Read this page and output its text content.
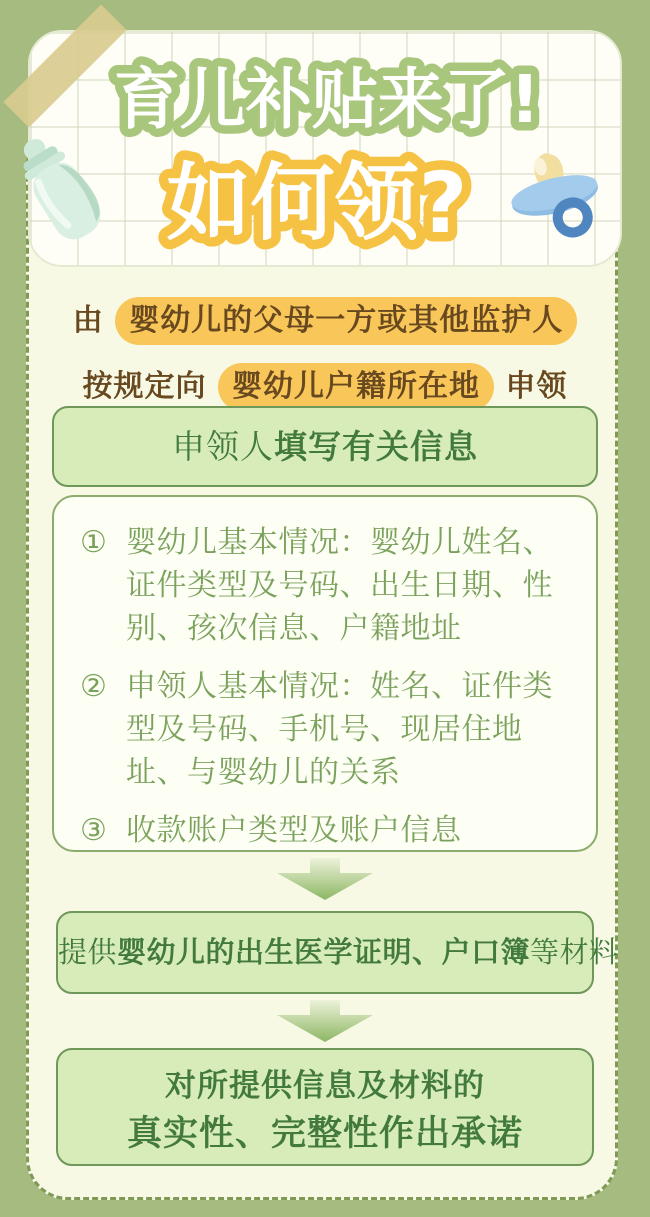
育儿补贴来了!
如何领?
由 婴幼儿的父母一方或其他监护人
按规定向 婴幼儿户籍所在地 申领
申领人填写有关信息
① 婴幼儿基本情况：婴幼儿姓名、证件类型及号码、出生日期、性别、孩次信息、户籍地址
② 申领人基本情况：姓名、证件类型及号码、手机号、现居住地址、与婴幼儿的关系
③ 收款账户类型及账户信息
提供婴幼儿的出生医学证明、户口簿等材料
对所提供信息及材料的
真实性、完整性作出承诺
